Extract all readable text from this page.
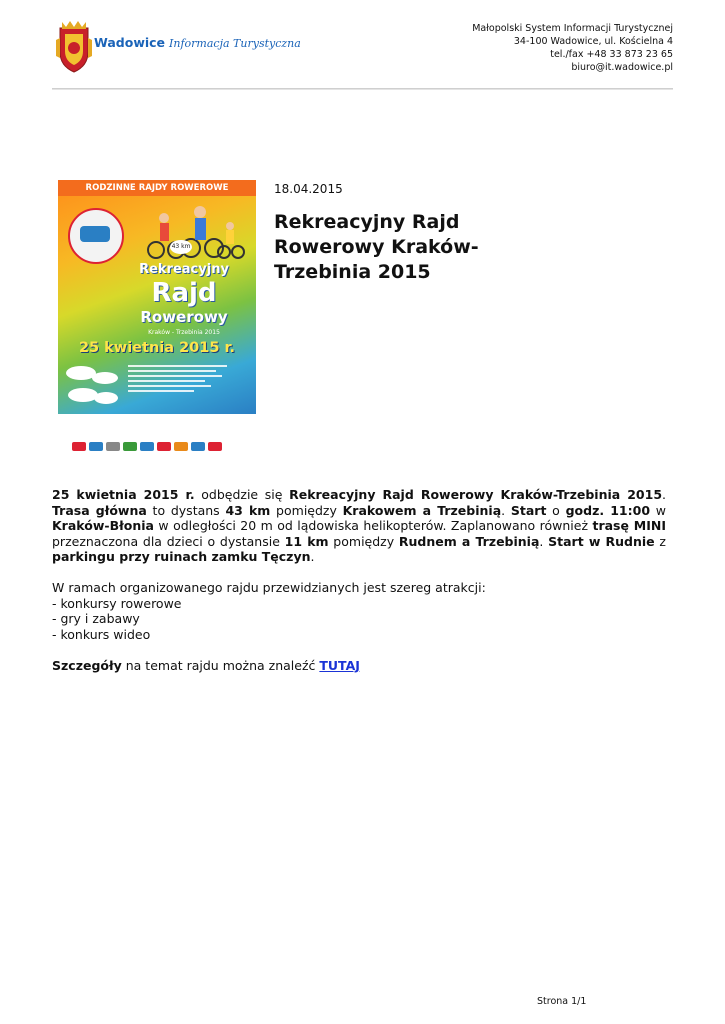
Wadowice Informacja Turystyczna
Małopolski System Informacji Turystycznej
34-100 Wadowice, ul. Kościelna 4
tel./fax +48 33 873 23 65
biuro@it.wadowice.pl
RODZINNE RAJDY ROWEROWE
43 km
Rekreacyjny
Rajd
Rowerowy
Kraków - Trzebinia 2015
25 kwietnia 2015 r.
18.04.2015
Rekreacyjny Rajd Rowerowy Kraków-Trzebinia 2015

25 kwietnia 2015 r. odbędzie się Rekreacyjny Rajd Rowerowy Kraków-Trzebinia 2015. Trasa główna to dystans 43 km pomiędzy Krakowem a Trzebinią. Start o godz. 11:00 w Kraków-Błonia w odległości 20 m od lądowiska helikopterów. Zaplanowano również trasę MINI przeznaczona dla dzieci o dystansie 11 km pomiędzy Rudnem a Trzebinią. Start w Rudnie z parkingu przy ruinach zamku Tęczyn.

W ramach organizowanego rajdu przewidzianych jest szereg atrakcji:

- konkursy rowerowe

- gry i zabawy

- konkurs wideo

Szczegóły na temat rajdu można znaleźć TUTAJ

Strona 1/1
